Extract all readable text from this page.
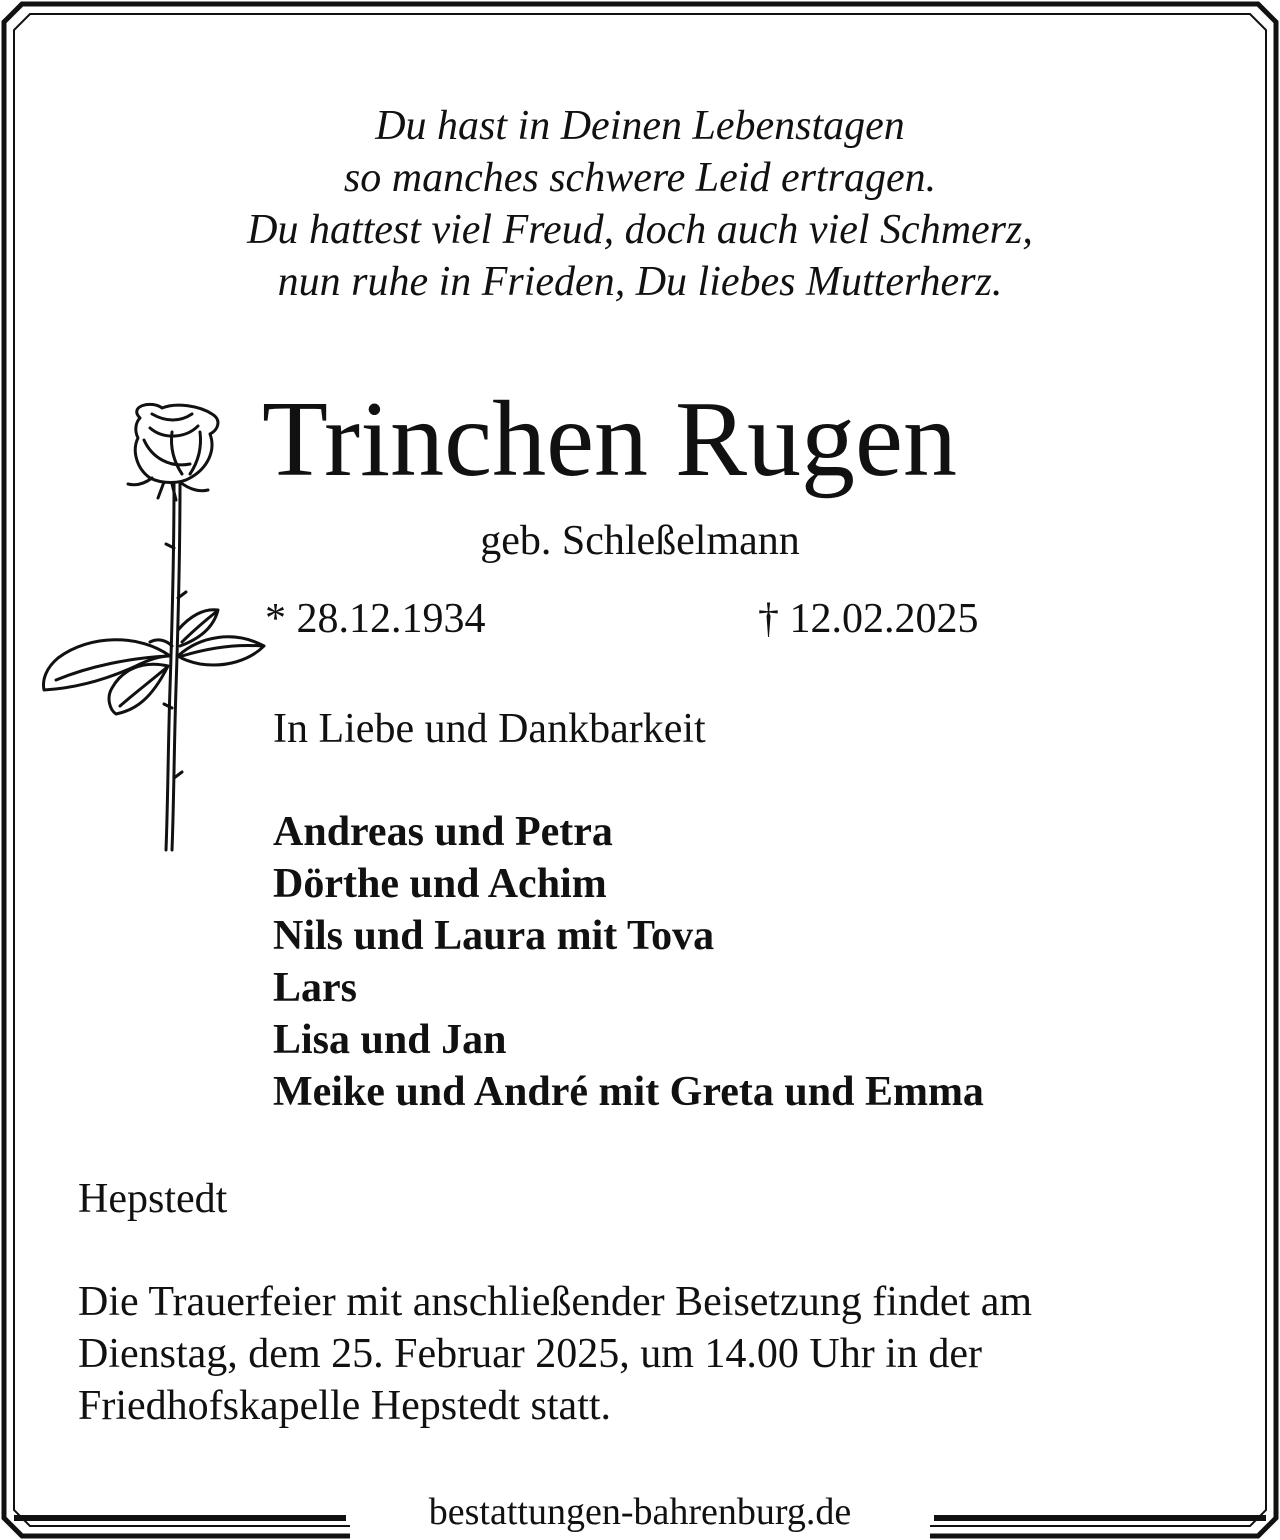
Du hast in Deinen Lebenstagen
so manches schwere Leid ertragen.
Du hattest viel Freud, doch auch viel Schmerz,
nun ruhe in Frieden, Du liebes Mutterherz.
Trinchen Rugen
geb. Schleßelmann
* 28.12.1934	† 12.02.2025
In Liebe und Dankbarkeit
Andreas und Petra
Dörthe und Achim
Nils und Laura mit Tova
Lars
Lisa und Jan
Meike und André mit Greta und Emma
Hepstedt
Die Trauerfeier mit anschließender Beisetzung findet am
Dienstag, dem 25. Februar 2025, um 14.00 Uhr in der
Friedhofskapelle Hepstedt statt.
bestattungen-bahrenburg.de
